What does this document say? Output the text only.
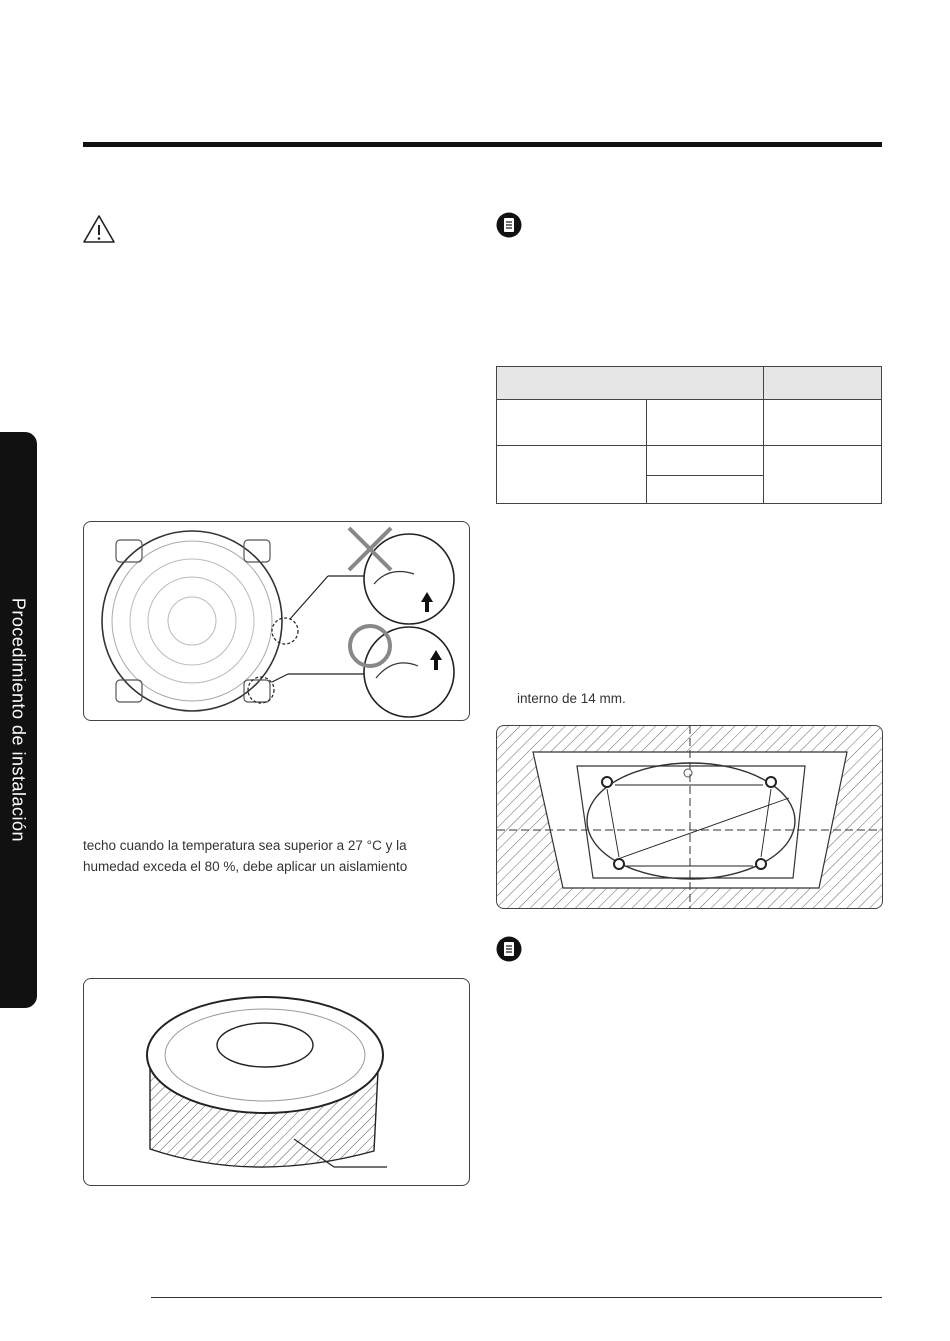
Procedimiento de instalación

techo cuando la temperatura sea superior a 27 °C y la
humedad exceda el 80 %, debe aplicar un aislamiento
interno de 14 mm.
